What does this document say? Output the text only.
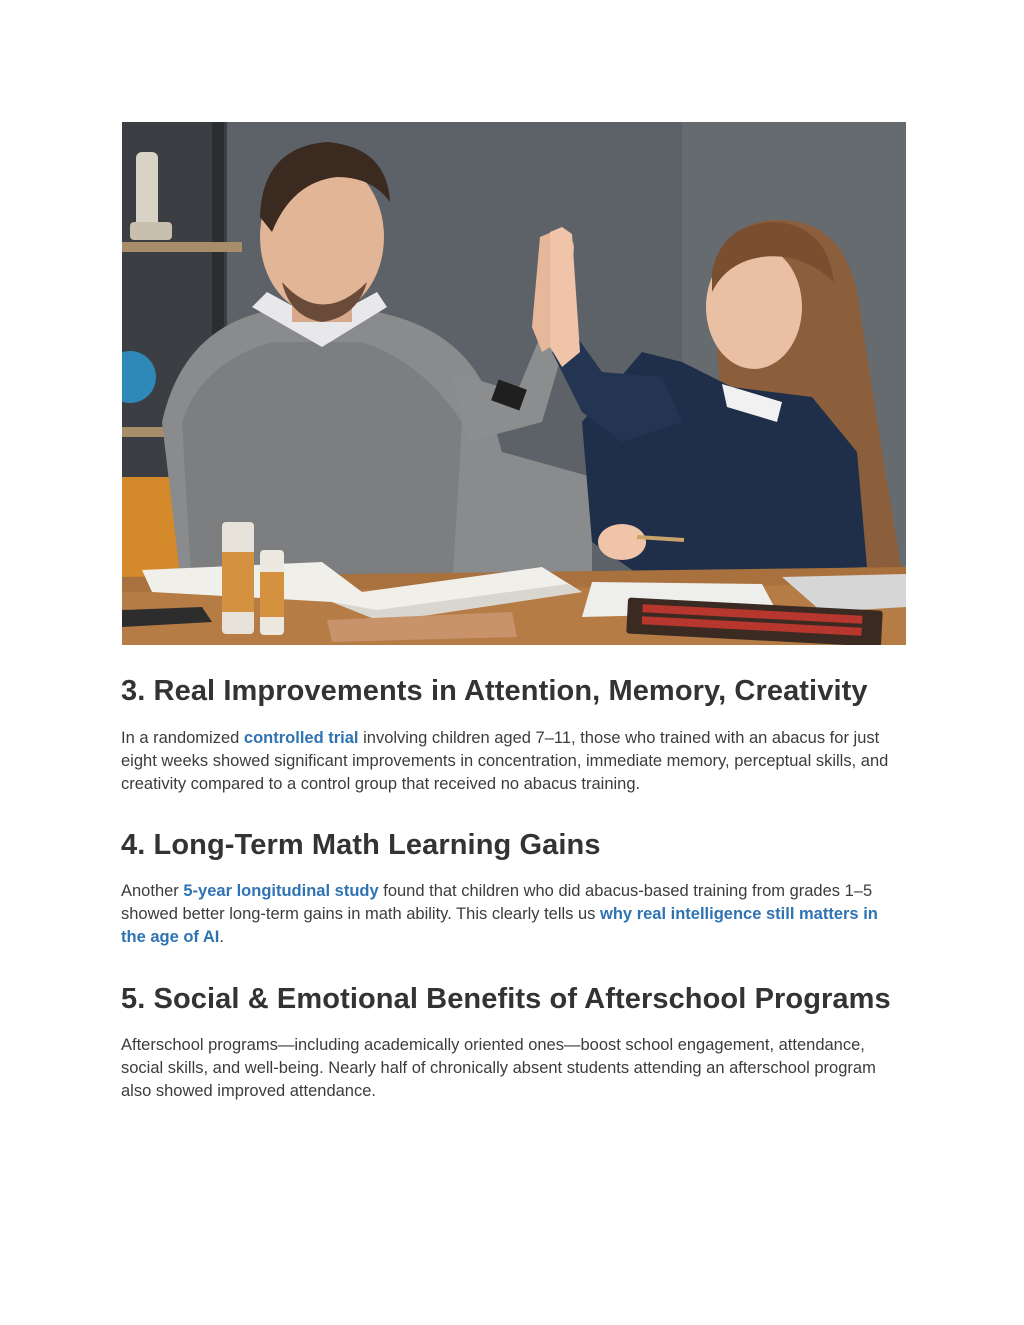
3. Real Improvements in Attention, Memory, Creativity

In a randomized controlled trial involving children aged 7–11, those who trained with an abacus for just eight weeks showed significant improvements in concentration, immediate memory, perceptual skills, and creativity compared to a control group that received no abacus training.

4. Long-Term Math Learning Gains

Another 5-year longitudinal study found that children who did abacus-based training from grades 1–5 showed better long-term gains in math ability. This clearly tells us why real intelligence still matters in the age of AI.

5. Social & Emotional Benefits of Afterschool Programs

Afterschool programs—including academically oriented ones—boost school engagement, attendance, social skills, and well-being. Nearly half of chronically absent students attending an afterschool program also showed improved attendance.
